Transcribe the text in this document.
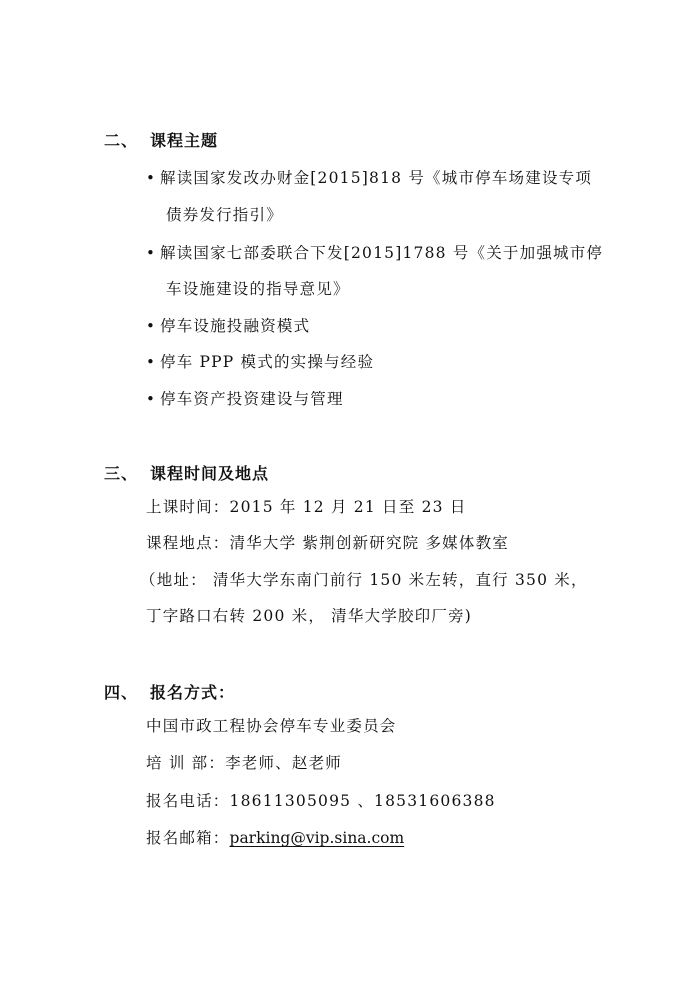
二、 课程主题
• 解读国家发改办财金[2015]818 号《城市停车场建设专项
债券发行指引》
• 解读国家七部委联合下发[2015]1788 号《关于加强城市停
车设施建设的指导意见》
• 停车设施投融资模式
• 停车 PPP 模式的实操与经验
• 停车资产投资建设与管理
三、 课程时间及地点
上课时间：2015 年 12 月 21 日至 23 日
课程地点：清华大学 紫荆创新研究院 多媒体教室
（地址： 清华大学东南门前行 150 米左转，直行 350 米，
丁字路口右转 200 米， 清华大学胶印厂旁)
四、 报名方式：
中国市政工程协会停车专业委员会
培 训 部：李老师、赵老师
报名电话：18611305095 、18531606388
报名邮箱：parking@vip.sina.com
